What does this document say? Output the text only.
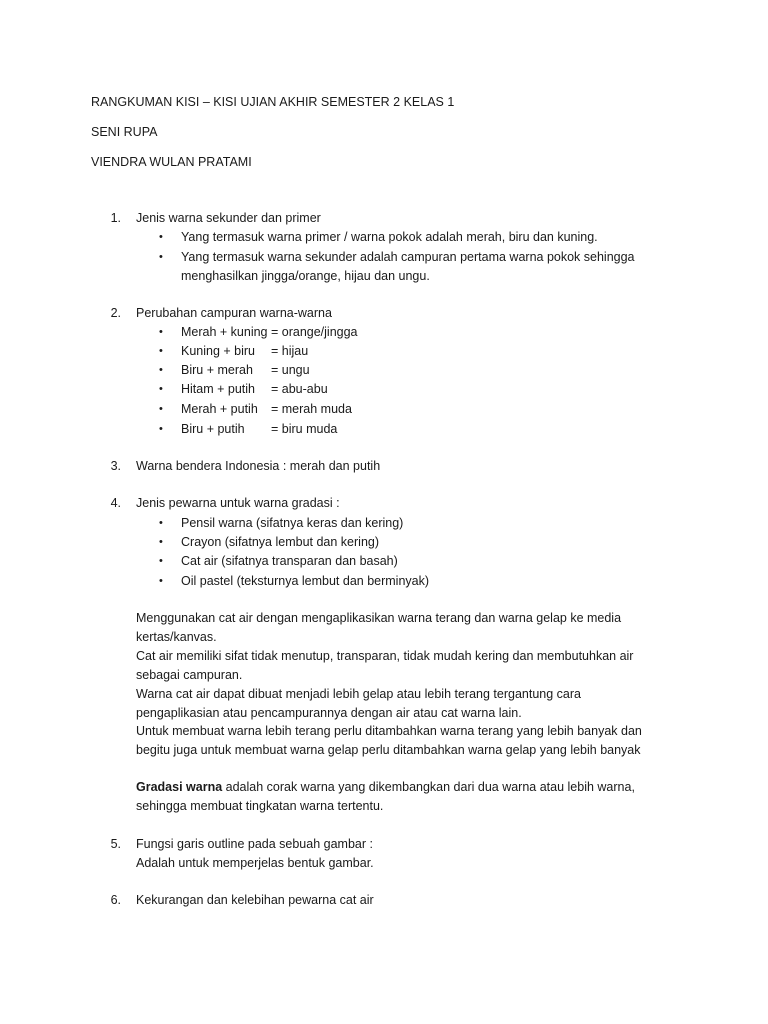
RANGKUMAN KISI – KISI UJIAN AKHIR SEMESTER 2 KELAS 1
SENI RUPA
VIENDRA WULAN PRATAMI
1. Jenis warna sekunder dan primer
• Yang termasuk warna primer / warna pokok adalah merah, biru dan kuning.
• Yang termasuk warna sekunder adalah campuran pertama warna pokok sehingga
menghasilkan jingga/orange, hijau dan ungu.
2. Perubahan campuran warna-warna
• Merah + kuning = orange/jingga
• Kuning + biru = hijau
• Biru + merah = ungu
• Hitam + putih = abu-abu
• Merah + putih = merah muda
• Biru + putih = biru muda
3. Warna bendera Indonesia : merah dan putih
4. Jenis pewarna untuk warna gradasi :
• Pensil warna (sifatnya keras dan kering)
• Crayon (sifatnya lembut dan kering)
• Cat air (sifatnya transparan dan basah)
• Oil pastel (teksturnya lembut dan berminyak)
Menggunakan cat air dengan mengaplikasikan warna terang dan warna gelap ke media
kertas/kanvas.
Cat air memiliki sifat tidak menutup, transparan, tidak mudah kering dan membutuhkan air
sebagai campuran.
Warna cat air dapat dibuat menjadi lebih gelap atau lebih terang tergantung cara
pengaplikasian atau pencampurannya dengan air atau cat warna lain.
Untuk membuat warna lebih terang perlu ditambahkan warna terang yang lebih banyak dan
begitu juga untuk membuat warna gelap perlu ditambahkan warna gelap yang lebih banyak
Gradasi warna adalah corak warna yang dikembangkan dari dua warna atau lebih warna,
sehingga membuat tingkatan warna tertentu.
5. Fungsi garis outline pada sebuah gambar :
Adalah untuk memperjelas bentuk gambar.
6. Kekurangan dan kelebihan pewarna cat air
